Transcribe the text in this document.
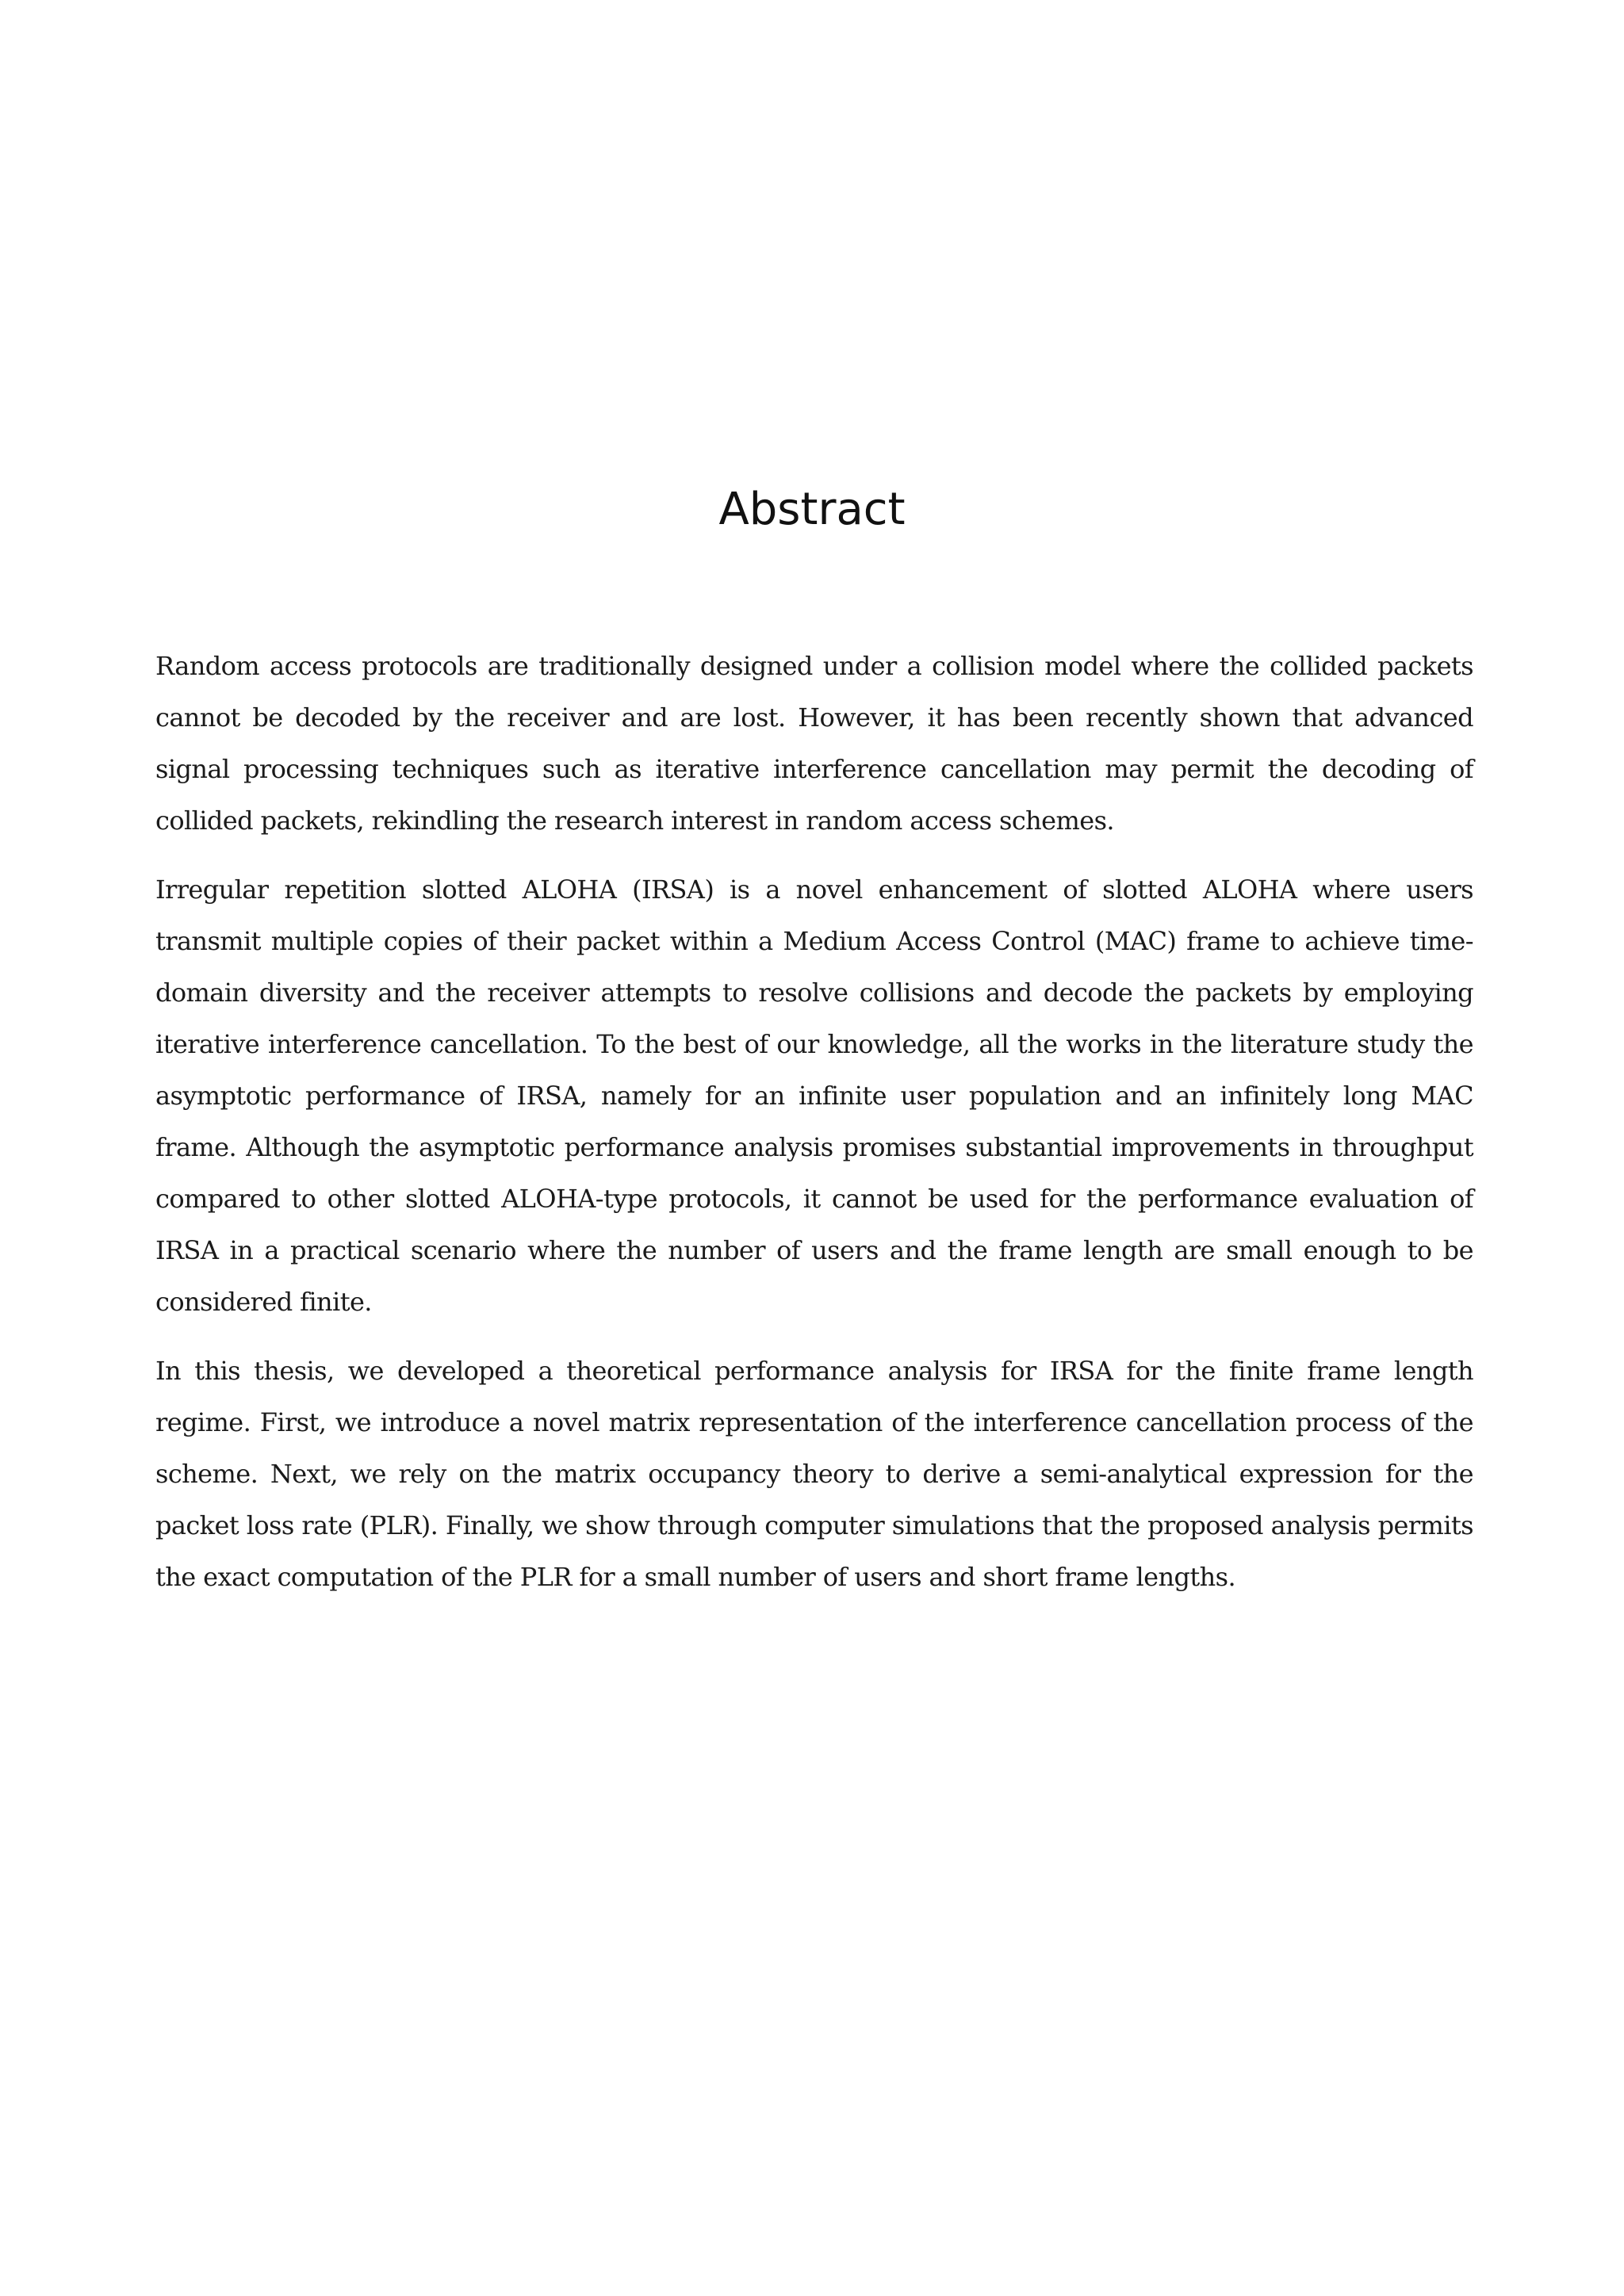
Abstract

Random access protocols are traditionally designed under a collision model where the collided packets cannot be decoded by the receiver and are lost. However, it has been recently shown that advanced signal processing techniques such as iterative interference cancellation may permit the decoding of collided packets, rekindling the research interest in random access schemes.

Irregular repetition slotted ALOHA (IRSA) is a novel enhancement of slotted ALOHA where users transmit multiple copies of their packet within a Medium Access Control (MAC) frame to achieve time-domain diversity and the receiver attempts to resolve collisions and decode the packets by employing iterative interference cancellation. To the best of our knowledge, all the works in the literature study the asymptotic performance of IRSA, namely for an infinite user population and an infinitely long MAC frame. Although the asymptotic performance analysis promises substantial improvements in throughput compared to other slotted ALOHA-type protocols, it cannot be used for the performance evaluation of IRSA in a practical scenario where the number of users and the frame length are small enough to be considered finite.

In this thesis, we developed a theoretical performance analysis for IRSA for the finite frame length regime. First, we introduce a novel matrix representation of the interference cancellation process of the scheme. Next, we rely on the matrix occupancy theory to derive a semi-analytical expression for the packet loss rate (PLR). Finally, we show through computer simulations that the proposed analysis permits the exact computation of the PLR for a small number of users and short frame lengths.
